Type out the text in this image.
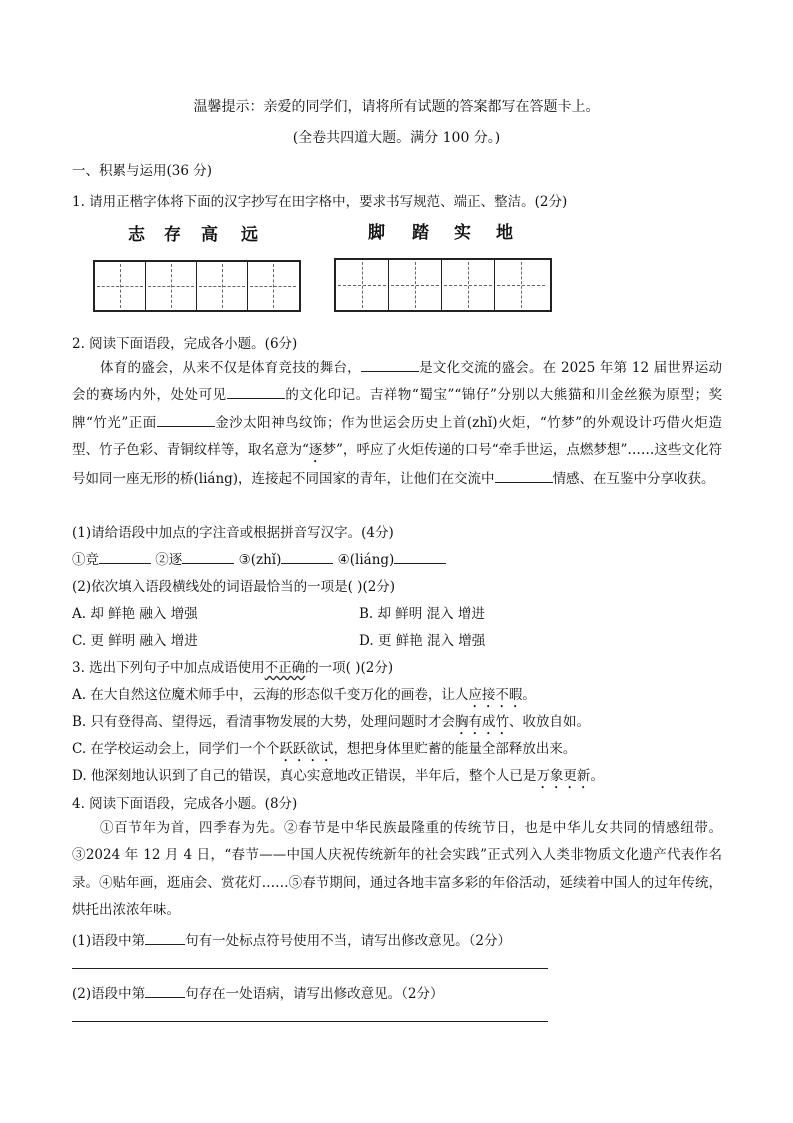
温馨提示：亲爱的同学们，请将所有试题的答案都写在答题卡上。
(全卷共四道大题。满分 100 分。)
一、积累与运用(36 分)
1. 请用正楷字体将下面的汉字抄写在田字格中，要求书写规范、端正、整洁。(2分)
志 存 高 远	脚 踏 实 地
2. 阅读下面语段，完成各小题。(6分)
体育的盛会，从来不仅是体育竞技的舞台，	是文化交流的盛会。在 2025 年第 12 届世界运动会的赛场内外，处处可见	的文化印记。吉祥物“蜀宝”“锦仔”分别以大熊猫和川金丝猴为原型；奖牌“竹光”正面	金沙太阳神鸟纹饰；作为世运会历史上首(zhǐ)火炬，“竹梦”的外观设计巧借火炬造型、竹子色彩、青铜纹样等，取名意为“逐梦”，呼应了火炬传递的口号“牵手世运，点燃梦想”……这些文化符号如同一座无形的桥(liáng)，连接起不同国家的青年，让他们在交流中	情感、在互鉴中分享收获。
(1)请给语段中加点的字注音或根据拼音写汉字。(4分)
①竞	②逐	③(zhǐ)	④(liáng)
(2)依次填入语段横线处的词语最恰当的一项是( )(2分)
A. 却 鲜艳 融入 增强	B. 却 鲜明 混入 增进
C. 更 鲜明 融入 增进	D. 更 鲜艳 混入 增强
3. 选出下列句子中加点成语使用不正确的一项( )(2分)
A. 在大自然这位魔术师手中，云海的形态似千变万化的画卷，让人应接不暇。
B. 只有登得高、望得远，看清事物发展的大势，处理问题时才会胸有成竹、收放自如。
C. 在学校运动会上，同学们一个个跃跃欲试，想把身体里贮蓄的能量全部释放出来。
D. 他深刻地认识到了自己的错误，真心实意地改正错误，半年后，整个人已是万象更新。
4. 阅读下面语段，完成各小题。(8分)
①百节年为首，四季春为先。②春节是中华民族最隆重的传统节日，也是中华儿女共同的情感纽带。③2024 年 12 月 4 日，“春节——中国人庆祝传统新年的社会实践”正式列入人类非物质文化遗产代表作名录。④贴年画，逛庙会、赏花灯……⑤春节期间，通过各地丰富多彩的年俗活动，延续着中国人的过年传统，烘托出浓浓年味。
(1)语段中第	句有一处标点符号使用不当，请写出修改意见。（2分）
(2)语段中第	句存在一处语病，请写出修改意见。（2分）
